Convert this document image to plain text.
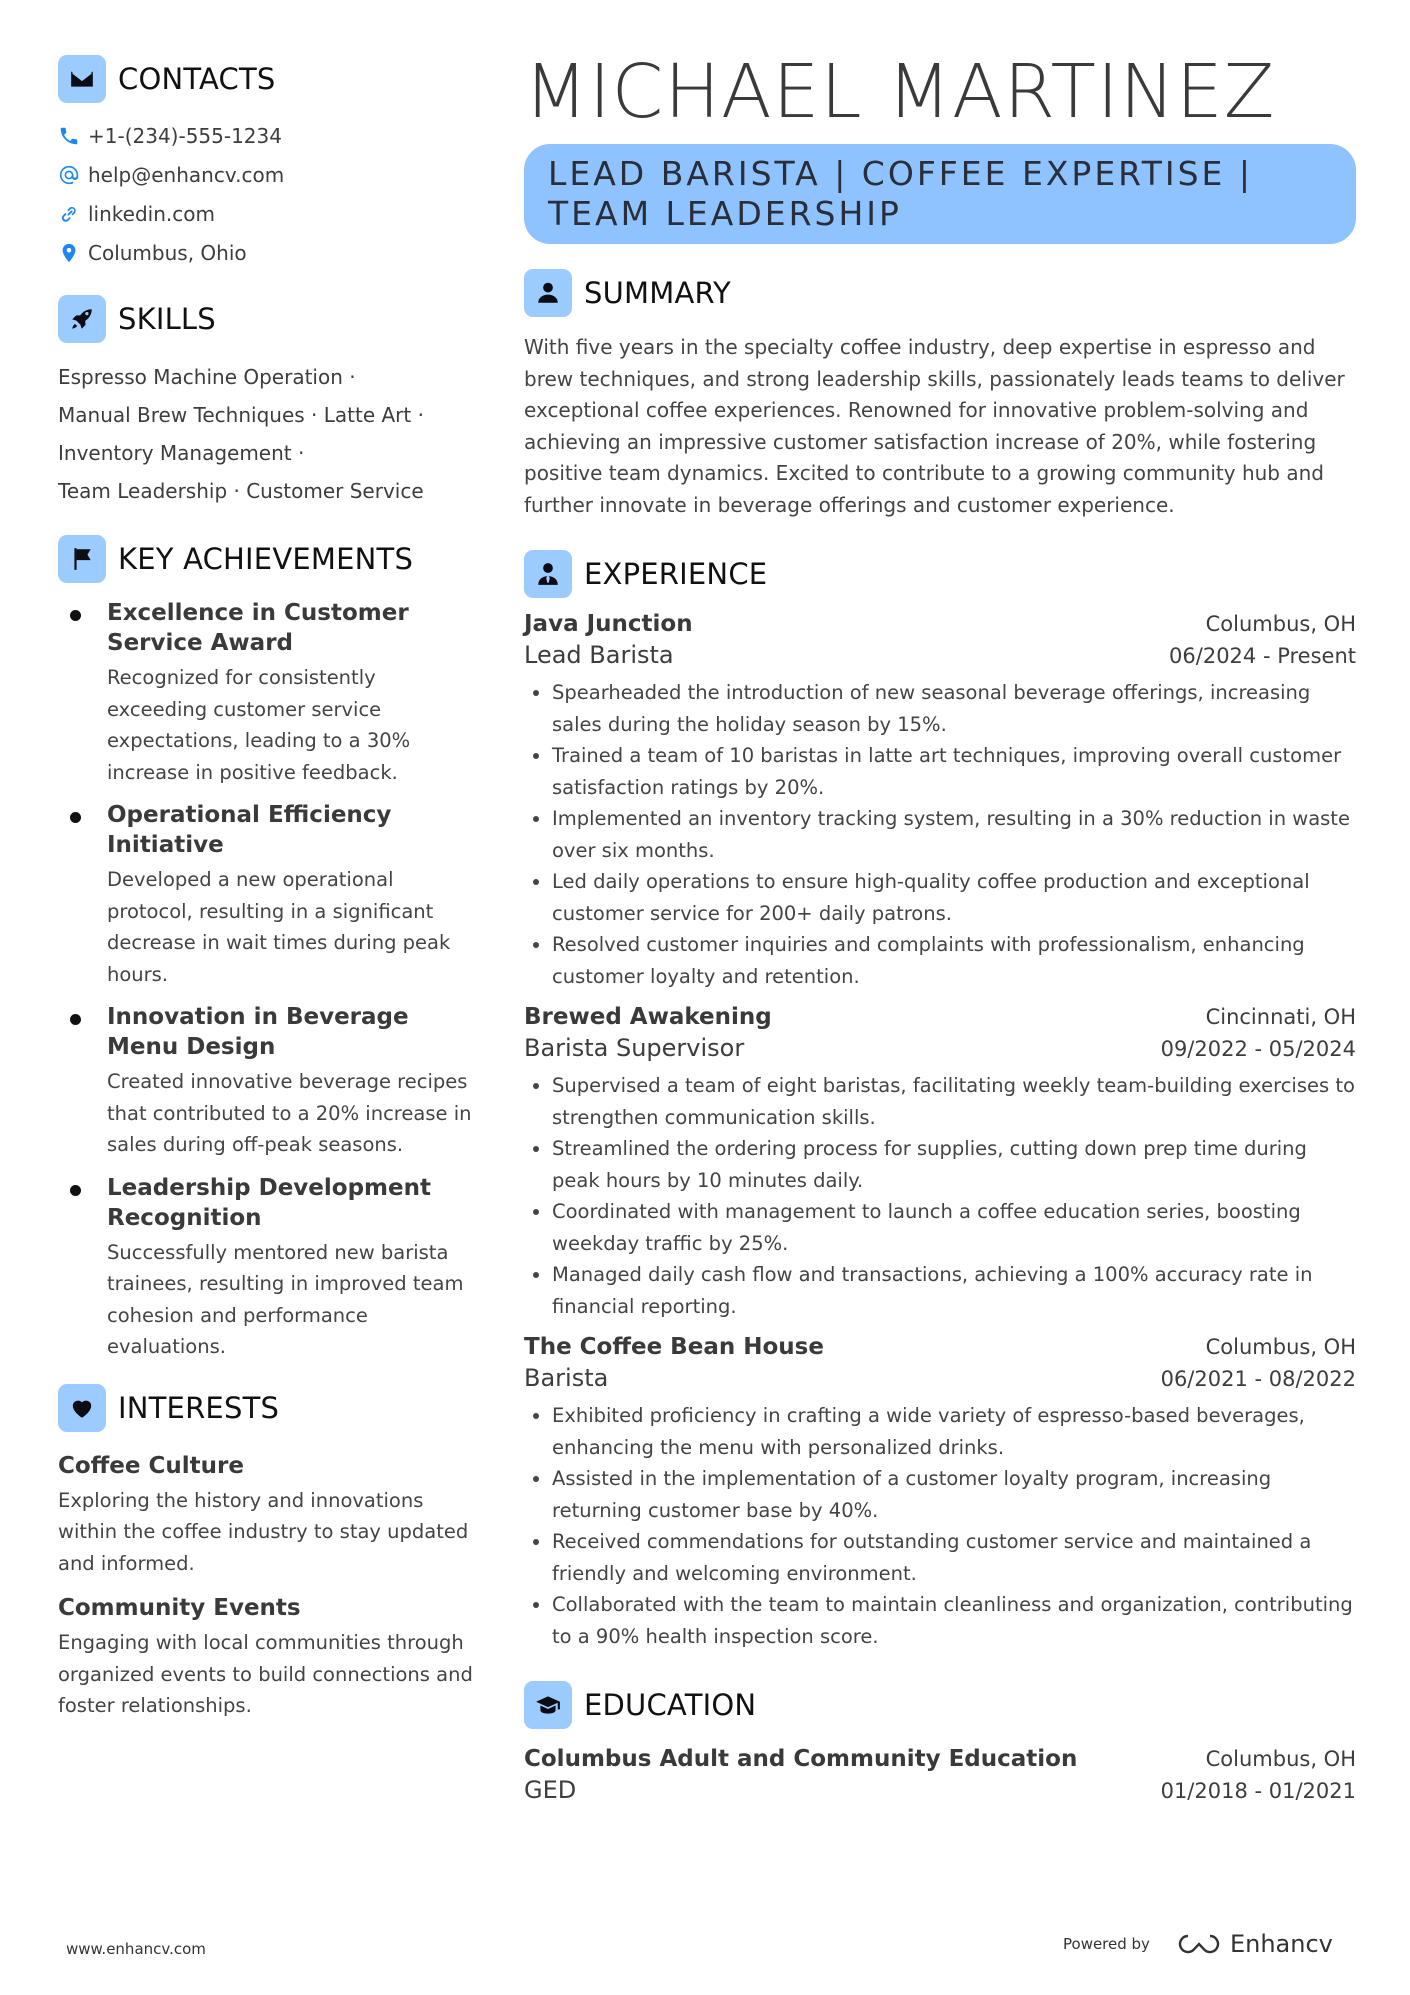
CONTACTS
+1-(234)-555-1234
help@enhancv.com
linkedin.com
Columbus, Ohio
SKILLS
Espresso Machine Operation ·
Manual Brew Techniques · Latte Art ·
Inventory Management ·
Team Leadership · Customer Service
KEY ACHIEVEMENTS
Excellence in Customer Service Award
Recognized for consistently exceeding customer service expectations, leading to a 30% increase in positive feedback.
Operational Efficiency Initiative
Developed a new operational protocol, resulting in a significant decrease in wait times during peak hours.
Innovation in Beverage Menu Design
Created innovative beverage recipes that contributed to a 20% increase in sales during off-peak seasons.
Leadership Development Recognition
Successfully mentored new barista trainees, resulting in improved team cohesion and performance evaluations.
INTERESTS
Coffee Culture
Exploring the history and innovations within the coffee industry to stay updated and informed.
Community Events
Engaging with local communities through organized events to build connections and foster relationships.
MICHAEL MARTINEZ
LEAD BARISTA | COFFEE EXPERTISE |
TEAM LEADERSHIP
SUMMARY
With five years in the specialty coffee industry, deep expertise in espresso and brew techniques, and strong leadership skills, passionately leads teams to deliver exceptional coffee experiences. Renowned for innovative problem-solving and achieving an impressive customer satisfaction increase of 20%, while fostering positive team dynamics. Excited to contribute to a growing community hub and further innovate in beverage offerings and customer experience.
EXPERIENCE
Java Junction	Columbus, OH
Lead Barista	06/2024 - Present
Spearheaded the introduction of new seasonal beverage offerings, increasing sales during the holiday season by 15%.
Trained a team of 10 baristas in latte art techniques, improving overall customer satisfaction ratings by 20%.
Implemented an inventory tracking system, resulting in a 30% reduction in waste over six months.
Led daily operations to ensure high-quality coffee production and exceptional customer service for 200+ daily patrons.
Resolved customer inquiries and complaints with professionalism, enhancing customer loyalty and retention.
Brewed Awakening	Cincinnati, OH
Barista Supervisor	09/2022 - 05/2024
Supervised a team of eight baristas, facilitating weekly team-building exercises to strengthen communication skills.
Streamlined the ordering process for supplies, cutting down prep time during peak hours by 10 minutes daily.
Coordinated with management to launch a coffee education series, boosting weekday traffic by 25%.
Managed daily cash flow and transactions, achieving a 100% accuracy rate in financial reporting.
The Coffee Bean House	Columbus, OH
Barista	06/2021 - 08/2022
Exhibited proficiency in crafting a wide variety of espresso-based beverages, enhancing the menu with personalized drinks.
Assisted in the implementation of a customer loyalty program, increasing returning customer base by 40%.
Received commendations for outstanding customer service and maintained a friendly and welcoming environment.
Collaborated with the team to maintain cleanliness and organization, contributing to a 90% health inspection score.
EDUCATION
Columbus Adult and Community Education	Columbus, OH
GED	01/2018 - 01/2021
www.enhancv.com	Powered by	Enhancv
